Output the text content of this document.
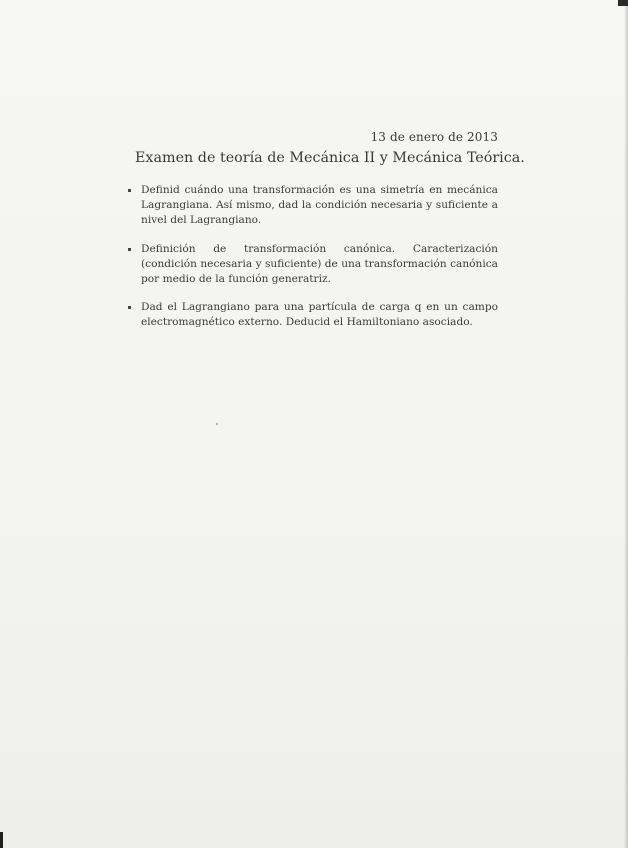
13 de enero de 2013
Examen de teoría de Mecánica II y Mecánica Teórica.
Definid cuándo una transformación es una simetría en mecánica Lagrangiana. Así mismo, dad la condición necesaria y suficiente a nivel del Lagrangiano.
Definición de transformación canónica. Caracterización (condición necesaria y suficiente) de una transformación canónica por medio de la función generatriz.
Dad el Lagrangiano para una partícula de carga q en un campo electromagnético externo. Deducid el Hamiltoniano asociado.
